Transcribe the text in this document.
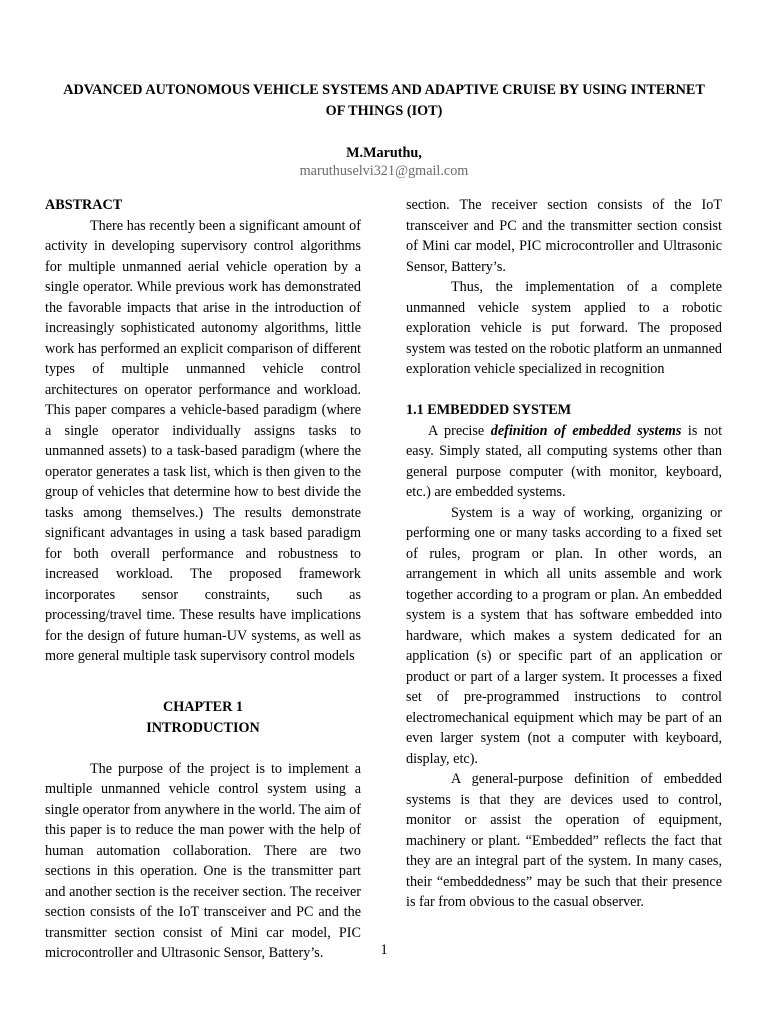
ADVANCED AUTONOMOUS VEHICLE SYSTEMS AND ADAPTIVE CRUISE BY USING INTERNET OF THINGS (IOT)
M.Maruthu,
maruthuselvi321@gmail.com

ABSTRACT

There has recently been a significant amount of activity in developing supervisory control algorithms for multiple unmanned aerial vehicle operation by a single operator. While previous work has demonstrated the favorable impacts that arise in the introduction of increasingly sophisticated autonomy algorithms, little work has performed an explicit comparison of different types of multiple unmanned vehicle control architectures on operator performance and workload. This paper compares a vehicle-based paradigm (where a single operator individually assigns tasks to unmanned assets) to a task-based paradigm (where the operator generates a task list, which is then given to the group of vehicles that determine how to best divide the tasks among themselves.) The results demonstrate significant advantages in using a task based paradigm for both overall performance and robustness to increased workload. The proposed framework incorporates sensor constraints, such as processing/travel time. These results have implications for the design of future human-UV systems, as well as more general multiple task supervisory control models

CHAPTER 1

INTRODUCTION

The purpose of the project is to implement a multiple unmanned vehicle control system using a single operator from anywhere in the world. The aim of this paper is to reduce the man power with the help of human automation collaboration. There are two sections in this operation. One is the transmitter part and another section is the receiver section. The receiver section consists of the IoT transceiver and PC and the transmitter section consist of Mini car model, PIC microcontroller and Ultrasonic Sensor, Battery’s.

section. The receiver section consists of the IoT transceiver and PC and the transmitter section consist of Mini car model, PIC microcontroller and Ultrasonic Sensor, Battery’s.

Thus, the implementation of a complete unmanned vehicle system applied to a robotic exploration vehicle is put forward. The proposed system was tested on the robotic platform an unmanned exploration vehicle specialized in recognition

1.1 EMBEDDED SYSTEM

A precise definition of embedded systems is not easy. Simply stated, all computing systems other than general purpose computer (with monitor, keyboard, etc.) are embedded systems.

System is a way of working, organizing or performing one or many tasks according to a fixed set of rules, program or plan. In other words, an arrangement in which all units assemble and work together according to a program or plan. An embedded system is a system that has software embedded into hardware, which makes a system dedicated for an application (s) or specific part of an application or product or part of a larger system. It processes a fixed set of pre-programmed instructions to control electromechanical equipment which may be part of an even larger system (not a computer with keyboard, display, etc).

A general-purpose definition of embedded systems is that they are devices used to control, monitor or assist the operation of equipment, machinery or plant. “Embedded” reflects the fact that they are an integral part of the system. In many cases, their “embeddedness” may be such that their presence is far from obvious to the casual observer.

1
